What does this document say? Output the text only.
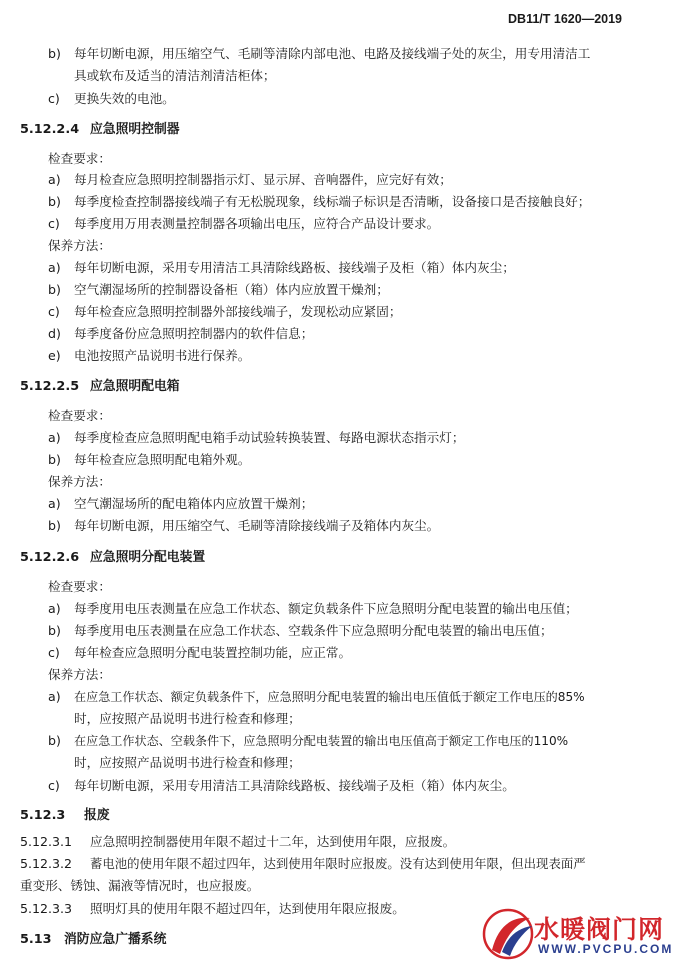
DB11/T 1620—2019
b)	每年切断电源，用压缩空气、毛刷等清除内部电池、电路及接线端子处的灰尘，用专用清洁工
具或软布及适当的清洁剂清洁柜体；
c)	更换失效的电池。
5.12.2.4 应急照明控制器
检查要求：
a)	每月检查应急照明控制器指示灯、显示屏、音响器件，应完好有效；
b)	每季度检查控制器接线端子有无松脱现象，线标端子标识是否清晰，设备接口是否接触良好；
c)	每季度用万用表测量控制器各项输出电压，应符合产品设计要求。
保养方法：
a)	每年切断电源，采用专用清洁工具清除线路板、接线端子及柜（箱）体内灰尘；
b)	空气潮湿场所的控制器设备柜（箱）体内应放置干燥剂；
c)	每年检查应急照明控制器外部接线端子，发现松动应紧固；
d)	每季度备份应急照明控制器内的软件信息；
e)	电池按照产品说明书进行保养。
5.12.2.5 应急照明配电箱
检查要求：
a)	每季度检查应急照明配电箱手动试验转换装置、每路电源状态指示灯；
b)	每年检查应急照明配电箱外观。
保养方法：
a)	空气潮湿场所的配电箱体内应放置干燥剂；
b)	每年切断电源，用压缩空气、毛刷等清除接线端子及箱体内灰尘。
5.12.2.6 应急照明分配电装置
检查要求：
a)	每季度用电压表测量在应急工作状态、额定负载条件下应急照明分配电装置的输出电压值；
b)	每季度用电压表测量在应急工作状态、空载条件下应急照明分配电装置的输出电压值；
c)	每年检查应急照明分配电装置控制功能，应正常。
保养方法：
a)	在应急工作状态、额定负载条件下，应急照明分配电装置的输出电压值低于额定工作电压的85%
时，应按照产品说明书进行检查和修理；
b)	在应急工作状态、空载条件下，应急照明分配电装置的输出电压值高于额定工作电压的110%
时，应按照产品说明书进行检查和修理；
c)	每年切断电源，采用专用清洁工具清除线路板、接线端子及柜（箱）体内灰尘。
5.12.3 报废
5.12.3.1 应急照明控制器使用年限不超过十二年，达到使用年限，应报废。
5.12.3.2 蓄电池的使用年限不超过四年，达到使用年限时应报废。没有达到使用年限，但出现表面严
重变形、锈蚀、漏液等情况时，也应报废。
5.12.3.3 照明灯具的使用年限不超过四年，达到使用年限应报废。
5.13 消防应急广播系统	水暖阀门网
WWW.PVCPU.COM
